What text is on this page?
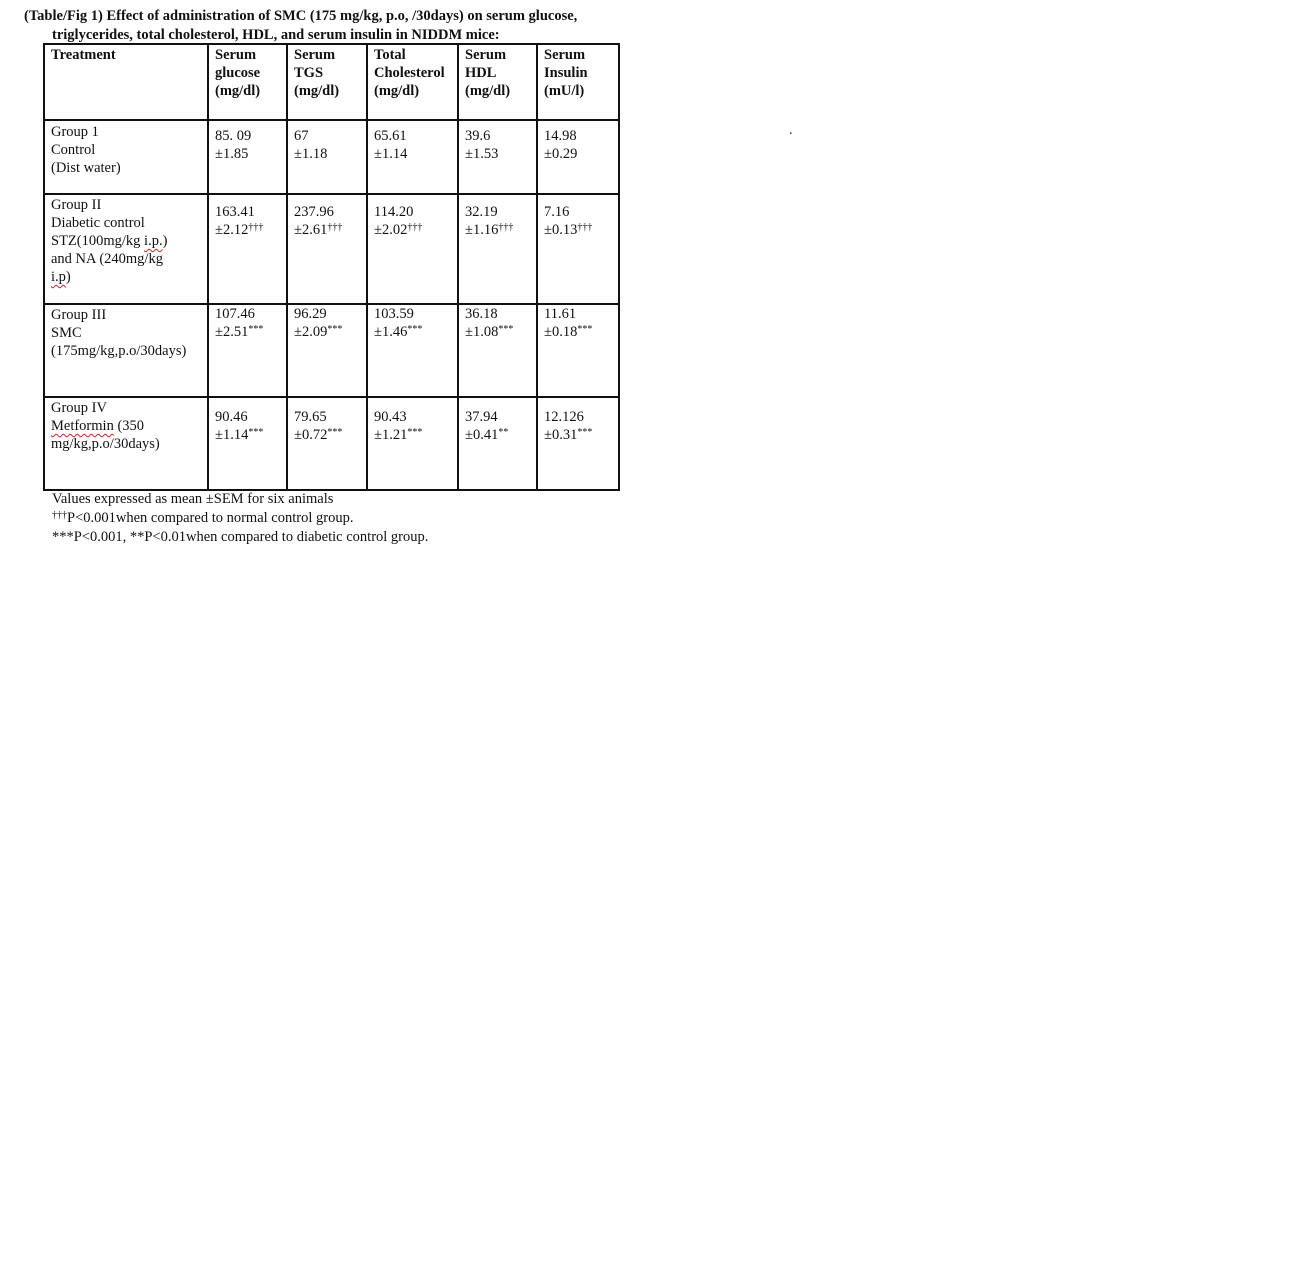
(Table/Fig 1) Effect of administration of SMC (175 mg/kg, p.o, /30days) on serum glucose,
triglycerides, total cholesterol, HDL, and serum insulin in NIDDM mice:
.
Treatment	Serum
glucose
(mg/dl)	Serum
TGS
(mg/dl)	Total
Cholesterol
(mg/dl)	Serum
HDL
(mg/dl)	Serum
Insulin
(mU/l)
Group 1
Control
(Dist water)	85. 09
±1.85	67
±1.18	65.61
±1.14	39.6
±1.53	14.98
±0.29
Group II
Diabetic control
STZ(100mg/kg i.p.)
and NA (240mg/kg
i.p)	163.41
±2.12†††	237.96
±2.61†††	114.20
±2.02†††	32.19
±1.16†††	7.16
±0.13†††
Group III
SMC
(175mg/kg,p.o/30days)	107.46
±2.51***	96.29
±2.09***	103.59
±1.46***	36.18
±1.08***	11.61
±0.18***
Group IV
Metformin (350
mg/kg,p.o/30days)	90.46
±1.14***	79.65
±0.72***	90.43
±1.21***	37.94
±0.41**	12.126
±0.31***
Values expressed as mean ±SEM for six animals
†††P<0.001when compared to normal control group.
***P<0.001, **P<0.01when compared to diabetic control group.
